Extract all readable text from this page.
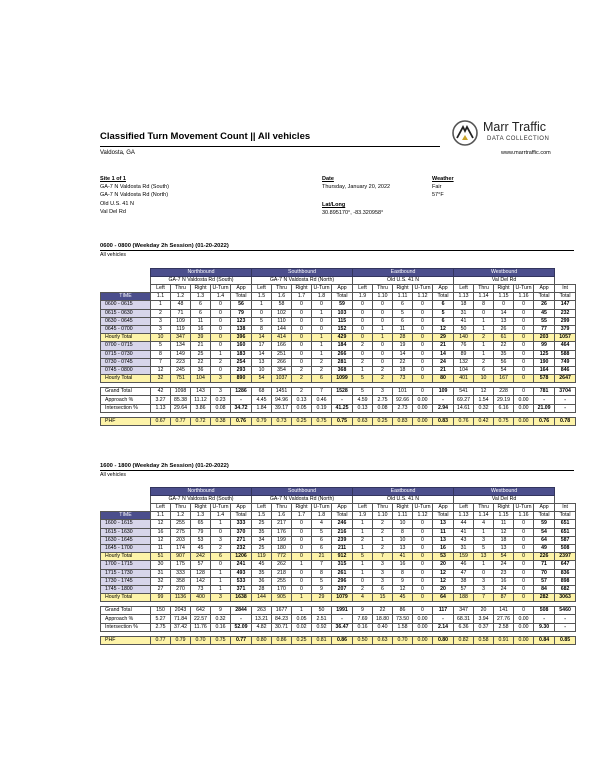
Classified Turn Movement Count || All vehicles
Valdosta, GA
Marr Traffic
DATA COLLECTION
www.marrtraffic.com
Site 1 of 1
GA-7 N Valdosta Rd (South)
GA-7 N Valdosta Rd (North)
Old U.S. 41 N
Val Del Rd
Date
Thursday, January 20, 2022
Lat/Long
30.895170°, -83.320958°
Weather
Fair
57°F
0600 - 0800 (Weekday 2h Session) (01-20-2022)
All vehicles
	Northbound					Southbound					Eastbound					Westbound					
	GA-7 N Valdosta Rd (South)					GA-7 N Valdosta Rd (North)					Old U.S. 41 N					Val Del Rd					
	Left	Thru	Right	U-Turn	App	Left	Thru	Right	U-Turn	App	Left	Thru	Right	U-Turn	App	Left	Thru	Right	U-Turn	App	Int
TIME	1.1	1.2	1.3	1.4	Total	1.5	1.6	1.7	1.8	Total	1.9	1.10	1.11	1.12	Total	1.13	1.14	1.15	1.16	Total	Total
0600 - 0615	1	48	6	0	56	1	58	0	0	59	0	0	6	0	6	18	8	0	0	26	147
0615 - 0630	2	71	6	0	79	0	102	0	1	103	0	0	5	0	5	31	0	14	0	45	232
0630 - 0645	3	109	11	0	123	5	110	0	0	115	0	0	6	0	6	41	1	13	0	55	299
0645 - 0700	3	119	16	0	138	8	144	0	0	152	0	1	11	0	12	50	1	26	0	77	379
Hourly Total	10	347	39	0	396	14	414	0	1	429	0	1	28	0	29	140	2	61	0	203	1057
0700 - 0715	5	134	21	0	160	17	166	0	1	184	2	0	19	0	21	76	1	22	0	99	464
0715 - 0730	8	149	25	1	183	14	251	0	1	266	0	0	14	0	14	89	1	35	0	125	588
0730 - 0745	7	223	22	2	254	13	266	0	2	281	2	0	22	0	24	132	2	56	0	190	749
0745 - 0800	12	245	36	0	293	10	354	2	2	368	1	2	18	0	21	104	6	54	0	164	846
Hourly Total	32	751	104	3	890	54	1037	2	6	1099	5	2	73	0	80	401	10	167	0	578	2647

Grand Total	42	1098	143	3	1286	68	1451	2	7	1528	5	3	101	0	109	541	12	228	0	781	3704
Approach %	3.27	85.38	11.12	0.23	-	4.45	94.96	0.13	0.46	-	4.59	2.75	92.66	0.00	-	69.27	1.54	29.19	0.00	-	-
Intersection %	1.13	29.64	3.86	0.08	34.72	1.84	39.17	0.05	0.19	41.25	0.13	0.08	2.73	0.00	2.94	14.61	0.32	6.16	0.00	21.09	-

PHF	0.67	0.77	0.72	0.38	0.76	0.79	0.73	0.25	0.75	0.75	0.63	0.25	0.83	0.00	0.83	0.76	0.42	0.75	0.00	0.76	0.78
1600 - 1800 (Weekday 2h Session) (01-20-2022)
All vehicles
	Northbound					Southbound					Eastbound					Westbound					
	GA-7 N Valdosta Rd (South)					GA-7 N Valdosta Rd (North)					Old U.S. 41 N					Val Del Rd					
	Left	Thru	Right	U-Turn	App	Left	Thru	Right	U-Turn	App	Left	Thru	Right	U-Turn	App	Left	Thru	Right	U-Turn	App	Int
TIME	1.1	1.2	1.3	1.4	Total	1.5	1.6	1.7	1.8	Total	1.9	1.10	1.11	1.12	Total	1.13	1.14	1.15	1.16	Total	Total
1600 - 1615	12	255	65	1	333	25	217	0	4	246	1	2	10	0	13	44	4	11	0	59	651
1615 - 1630	16	275	79	0	370	35	176	0	5	216	1	2	8	0	11	41	1	12	0	54	651
1630 - 1645	12	203	53	3	271	34	199	0	6	239	2	1	10	0	13	43	3	18	0	64	587
1645 - 1700	11	174	45	2	232	25	180	0	6	211	1	2	13	0	16	31	5	13	0	49	508
Hourly Total	51	907	242	6	1206	119	772	0	21	912	5	7	41	0	53	159	13	54	0	226	2397
1700 - 1715	30	175	57	0	241	45	262	1	7	315	1	3	16	0	20	46	1	24	0	71	647
1715 - 1730	31	333	128	1	493	35	218	0	8	261	1	3	8	0	12	47	0	23	0	70	836
1730 - 1745	32	358	142	1	533	36	255	0	5	296	0	3	9	0	12	38	3	16	0	57	898
1745 - 1800	27	270	73	1	371	28	170	0	9	207	2	6	12	0	20	57	3	24	0	84	682
Hourly Total	99	1136	400	3	1638	144	905	1	29	1079	4	15	45	0	64	188	7	87	0	282	3063

Grand Total	150	2043	642	9	2844	263	1677	1	50	1991	9	22	86	0	117	347	20	141	0	508	5460
Approach %	5.27	71.84	22.57	0.32	-	13.21	84.23	0.05	2.51	-	7.69	18.80	73.50	0.00	-	68.31	3.94	27.76	0.00	-	-
Intersection %	2.75	37.42	11.76	0.16	52.09	4.82	30.71	0.02	0.92	36.47	0.16	0.40	1.58	0.00	2.14	6.36	0.37	2.58	0.00	9.30	-

PHF	0.77	0.79	0.70	0.75	0.77	0.80	0.86	0.25	0.81	0.86	0.50	0.63	0.70	0.00	0.80	0.82	0.58	0.91	0.00	0.84	0.85
